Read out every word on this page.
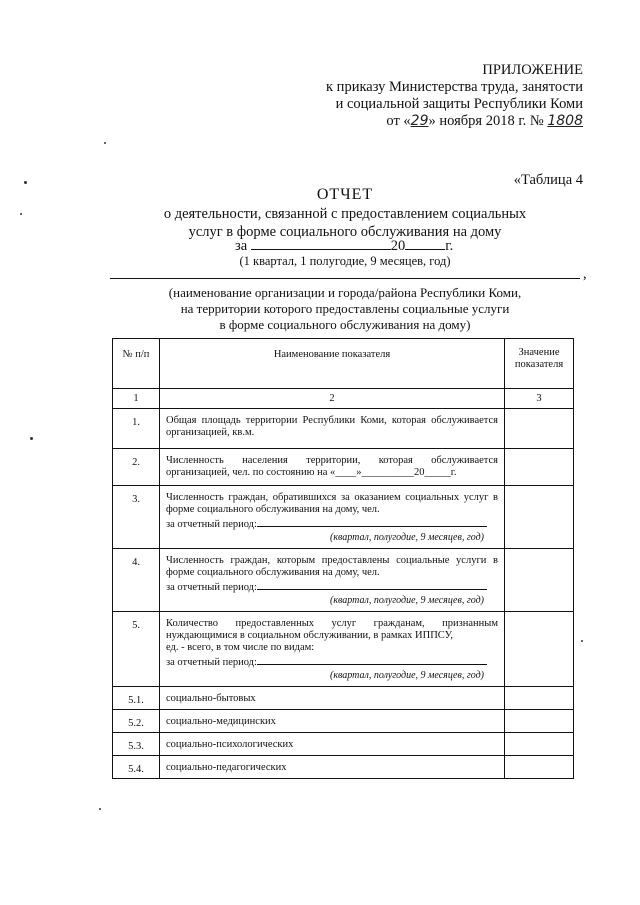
ПРИЛОЖЕНИЕ
к приказу Министерства труда, занятости
и социальной защиты Республики Коми
от «29» ноября 2018 г. № 1808
«Таблица 4
ОТЧЕТ
о деятельности, связанной с предоставлением социальных
услуг в форме социального обслуживания на дому
за	20	г.
(1 квартал, 1 полугодие, 9 месяцев, год)
,
(наименование организации и города/района Республики Коми,
на территории которого предоставлены социальные услуги
в форме социального обслуживания на дому)
№ п/п	Наименование показателя	Значение показателя
1	2	3
1.	Общая площадь территории Республики Коми, которая обслуживается организацией, кв.м.	

2.	Численность населения территории, которая обслуживается организацией, чел. по состоянию на «____»__________20_____г.	

3.	Численность граждан, обратившихся за оказанием социальных услуг в форме социального обслуживания на дому, чел.
за отчетный период:
(квартал, полугодие, 9 месяцев, год)	

4.	Численность граждан, которым предоставлены социальные услуги в форме социального обслуживания на дому, чел.
за отчетный период:
(квартал, полугодие, 9 месяцев, год)	

5.	Количество предоставленных услуг гражданам, признанным нуждающимися в социальном обслуживании, в рамках ИППСУ,
ед. - всего, в том числе по видам:
за отчетный период:
(квартал, полугодие, 9 месяцев, год)	

5.1.	социально-бытовых	

5.2.	социально-медицинских	

5.3.	социально-психологических	

5.4.	социально-педагогических	
